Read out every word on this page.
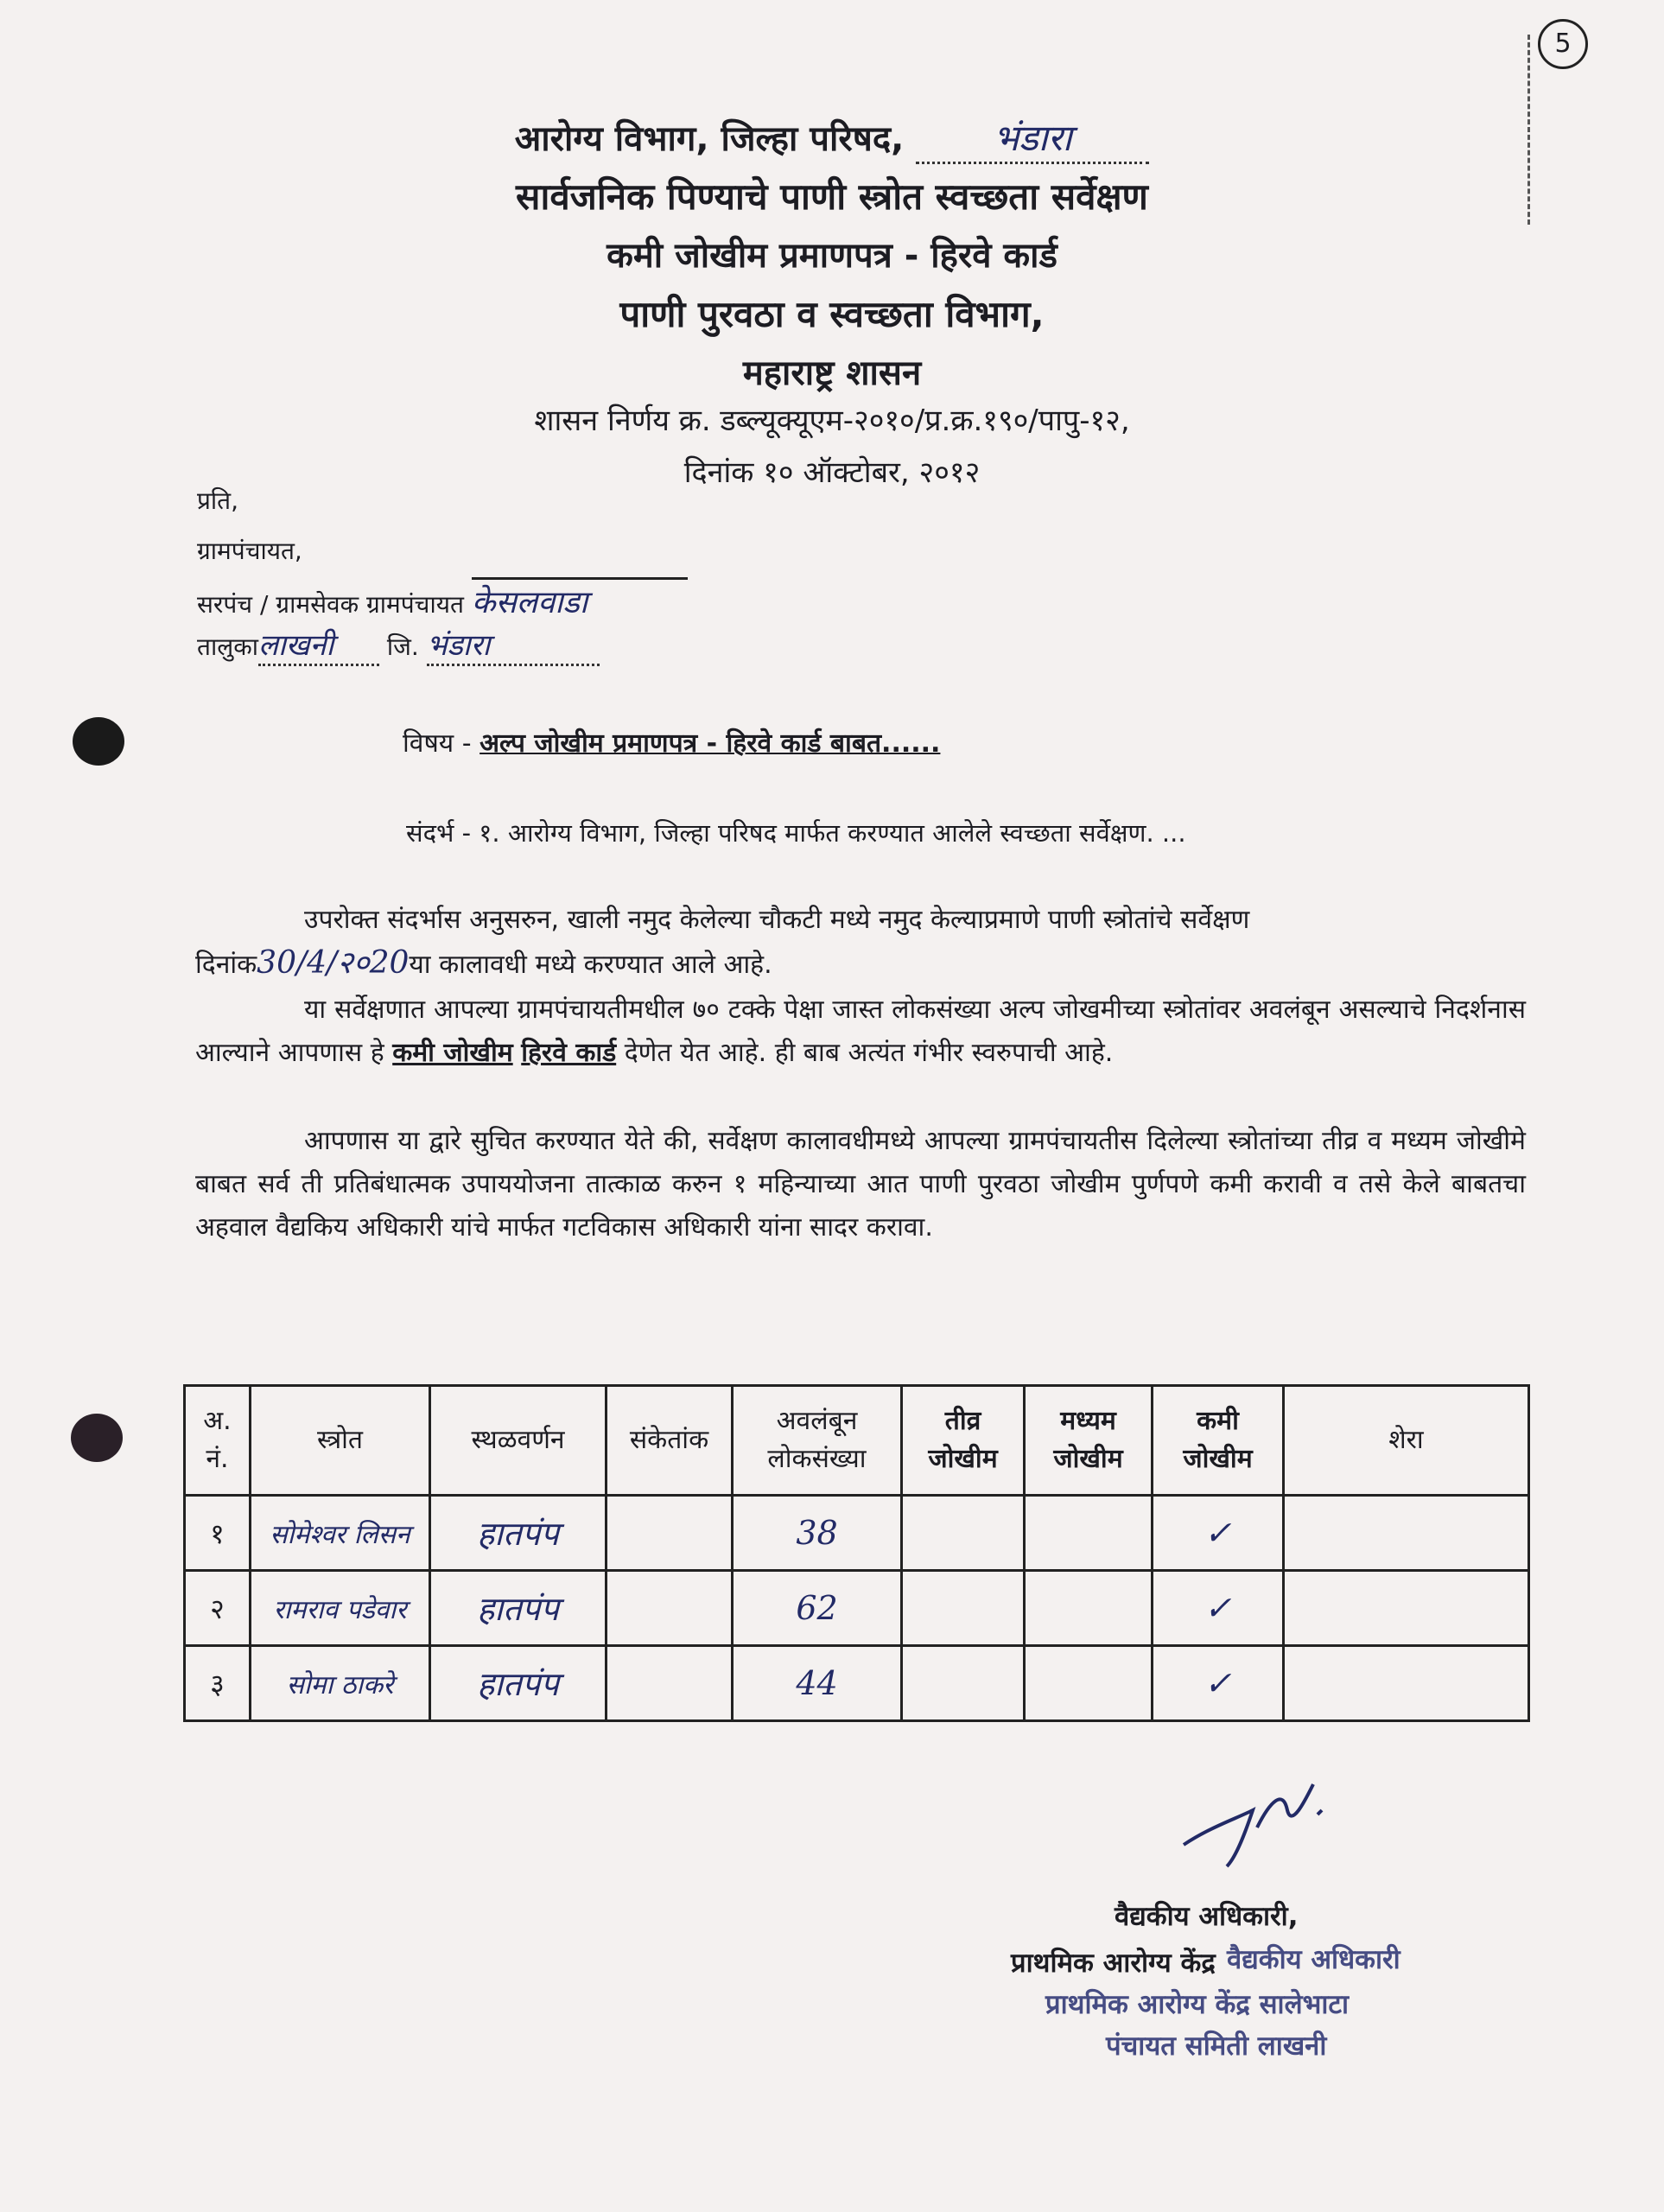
5
आरोग्य विभाग, जिल्हा परिषद, भंडारा
सार्वजनिक पिण्याचे पाणी स्त्रोत स्वच्छता सर्वेक्षण
कमी जोखीम प्रमाणपत्र - हिरवे कार्ड
पाणी पुरवठा व स्वच्छता विभाग,
महाराष्ट्र शासन
शासन निर्णय क्र. डब्ल्यूक्यूएम-२०१०/प्र.क्र.१९०/पापु-१२,
दिनांक १० ऑक्टोबर, २०१२
प्रति,
ग्रामपंचायत,
सरपंच / ग्रामसेवक ग्रामपंचायत केसलवाडा
तालुकालाखनी जि. भंडारा
विषय - अल्प जोखीम प्रमाणपत्र - हिरवे कार्ड बाबत......
संदर्भ - १. आरोग्य विभाग, जिल्हा परिषद मार्फत करण्यात आलेले स्वच्छता सर्वेक्षण. ...
उपरोक्त संदर्भास अनुसरुन, खाली नमुद केलेल्या चौकटी मध्ये नमुद केल्याप्रमाणे पाणी स्त्रोतांचे सर्वेक्षण
दिनांक30/4/२०20या कालावधी मध्ये करण्यात आले आहे.
या सर्वेक्षणात आपल्या ग्रामपंचायतीमधील ७० टक्के पेक्षा जास्त लोकसंख्या अल्प जोखमीच्या स्त्रोतांवर अवलंबून असल्याचे निदर्शनास आल्याने आपणास हे कमी जोखीम हिरवे कार्ड देणेत येत आहे. ही बाब अत्यंत गंभीर स्वरुपाची आहे.
आपणास या द्वारे सुचित करण्यात येते की, सर्वेक्षण कालावधीमध्ये आपल्या ग्रामपंचायतीस दिलेल्या स्त्रोतांच्या तीव्र व मध्यम जोखीमे बाबत सर्व ती प्रतिबंधात्मक उपाययोजना तात्काळ करुन १ महिन्याच्या आत पाणी पुरवठा जोखीम पुर्णपणे कमी करावी व तसे केले बाबतचा अहवाल वैद्यकिय अधिकारी यांचे मार्फत गटविकास अधिकारी यांना सादर करावा.
अ. नं.	स्त्रोत	स्थळवर्णन	संकेतांक	अवलंबून लोकसंख्या	तीव्र जोखीम	मध्यम जोखीम	कमी जोखीम	शेरा
१	सोमेश्वर लिसन	हातपंप		38			✓	
२	रामराव पडेवार	हातपंप		62			✓	
३	सोमा ठाकरे	हातपंप		44			✓	
वैद्यकीय अधिकारी,
प्राथमिक आरोग्य केंद्र वैद्यकीय अधिकारी
प्राथमिक आरोग्य केंद्र सालेभाटा
पंचायत समिती लाखनी
